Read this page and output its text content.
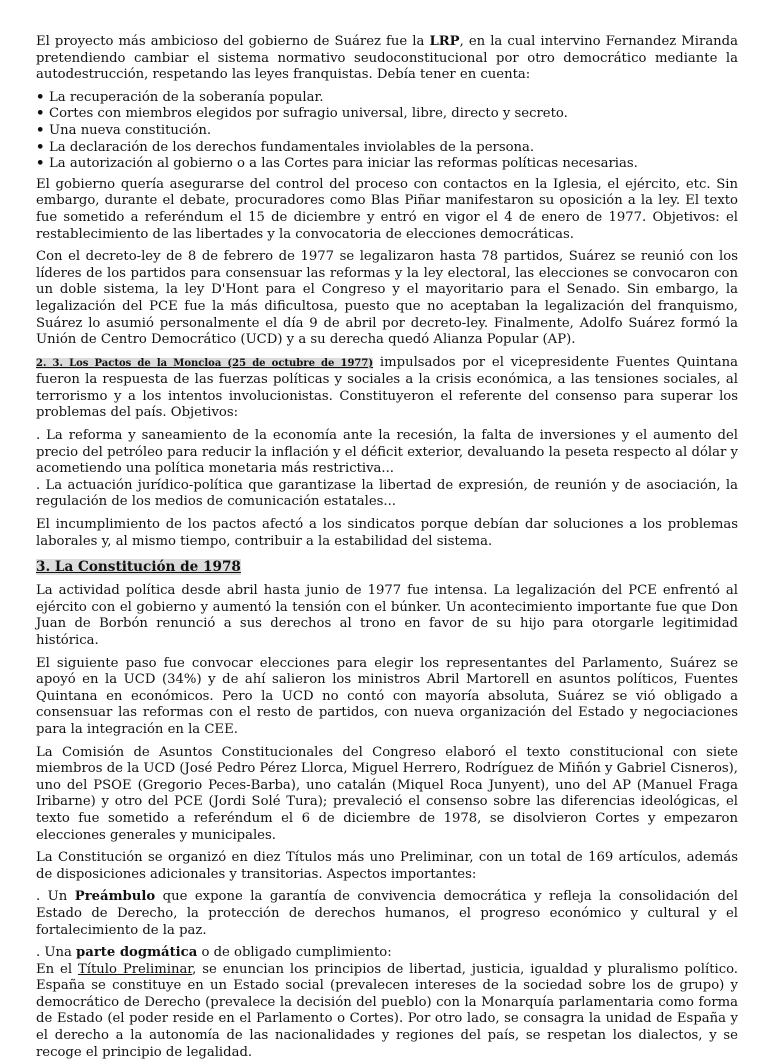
El proyecto más ambicioso del gobierno de Suárez fue la LRP, en la cual intervino Fernandez Miranda pretendiendo cambiar el sistema normativo seudoconstitucional por otro democrático mediante la autodestrucción, respetando las leyes franquistas. Debía tener en cuenta:

• La recuperación de la soberanía popular.
• Cortes con miembros elegidos por sufragio universal, libre, directo y secreto.
• Una nueva constitución.
• La declaración de los derechos fundamentales inviolables de la persona.
• La autorización al gobierno o a las Cortes para iniciar las reformas políticas necesarias.

El gobierno quería asegurarse del control del proceso con contactos en la Iglesia, el ejército, etc. Sin embargo, durante el debate, procuradores como Blas Piñar manifestaron su oposición a la ley. El texto fue sometido a referéndum el 15 de diciembre y entró en vigor el 4 de enero de 1977. Objetivos: el restablecimiento de las libertades y la convocatoria de elecciones democráticas.

Con el decreto-ley de 8 de febrero de 1977 se legalizaron hasta 78 partidos, Suárez se reunió con los líderes de los partidos para consensuar las reformas y la ley electoral, las elecciones se convocaron con un doble sistema, la ley D'Hont para el Congreso y el mayoritario para el Senado. Sin embargo, la legalización del PCE fue la más dificultosa, puesto que no aceptaban la legalización del franquismo, Suárez lo asumió personalmente el día 9 de abril por decreto-ley. Finalmente, Adolfo Suárez formó la Unión de Centro Democrático (UCD) y a su derecha quedó Alianza Popular (AP).

2. 3. Los Pactos de la Moncloa (25 de octubre de 1977) impulsados por el vicepresidente Fuentes Quintana fueron la respuesta de las fuerzas políticas y sociales a la crisis económica, a las tensiones sociales, al terrorismo y a los intentos involucionistas. Constituyeron el referente del consenso para superar los problemas del país. Objetivos:

. La reforma y saneamiento de la economía ante la recesión, la falta de inversiones y el aumento del precio del petróleo para reducir la inflación y el déficit exterior, devaluando la peseta respecto al dólar y acometiendo una política monetaria más restrictiva...

. La actuación jurídico-política que garantizase la libertad de expresión, de reunión y de asociación, la regulación de los medios de comunicación estatales...

El incumplimiento de los pactos afectó a los sindicatos porque debían dar soluciones a los problemas laborales y, al mismo tiempo, contribuir a la estabilidad del sistema.

3. La Constitución de 1978

La actividad política desde abril hasta junio de 1977 fue intensa. La legalización del PCE enfrentó al ejército con el gobierno y aumentó la tensión con el búnker. Un acontecimiento importante fue que Don Juan de Borbón renunció a sus derechos al trono en favor de su hijo para otorgarle legitimidad histórica.

El siguiente paso fue convocar elecciones para elegir los representantes del Parlamento, Suárez se apoyó en la UCD (34%) y de ahí salieron los ministros Abril Martorell en asuntos políticos, Fuentes Quintana en económicos. Pero la UCD no contó con mayoría absoluta, Suárez se vió obligado a consensuar las reformas con el resto de partidos, con nueva organización del Estado y negociaciones para la integración en la CEE.

La Comisión de Asuntos Constitucionales del Congreso elaboró el texto constitucional con siete miembros de la UCD (José Pedro Pérez Llorca, Miguel Herrero, Rodríguez de Miñón y Gabriel Cisneros), uno del PSOE (Gregorio Peces-Barba), uno catalán (Miquel Roca Junyent), uno del AP (Manuel Fraga Iribarne) y otro del PCE (Jordi Solé Tura); prevaleció el consenso sobre las diferencias ideológicas, el texto fue sometido a referéndum el 6 de diciembre de 1978, se disolvieron Cortes y empezaron elecciones generales y municipales.

La Constitución se organizó en diez Títulos más uno Preliminar, con un total de 169 artículos, además de disposiciones adicionales y transitorias. Aspectos importantes:

. Un Preámbulo que expone la garantía de convivencia democrática y refleja la consolidación del Estado de Derecho, la protección de derechos humanos, el progreso económico y cultural y el fortalecimiento de la paz.

. Una parte dogmática o de obligado cumplimiento:
En el Título Preliminar, se enuncian los principios de libertad, justicia, igualdad y pluralismo político. España se constituye en un Estado social (prevalecen intereses de la sociedad sobre los de grupo) y democrático de Derecho (prevalece la decisión del pueblo) con la Monarquía parlamentaria como forma de Estado (el poder reside en el Parlamento o Cortes). Por otro lado, se consagra la unidad de España y el derecho a la autonomía de las nacionalidades y regiones del país, se respetan los dialectos, y se recoge el principio de legalidad.
